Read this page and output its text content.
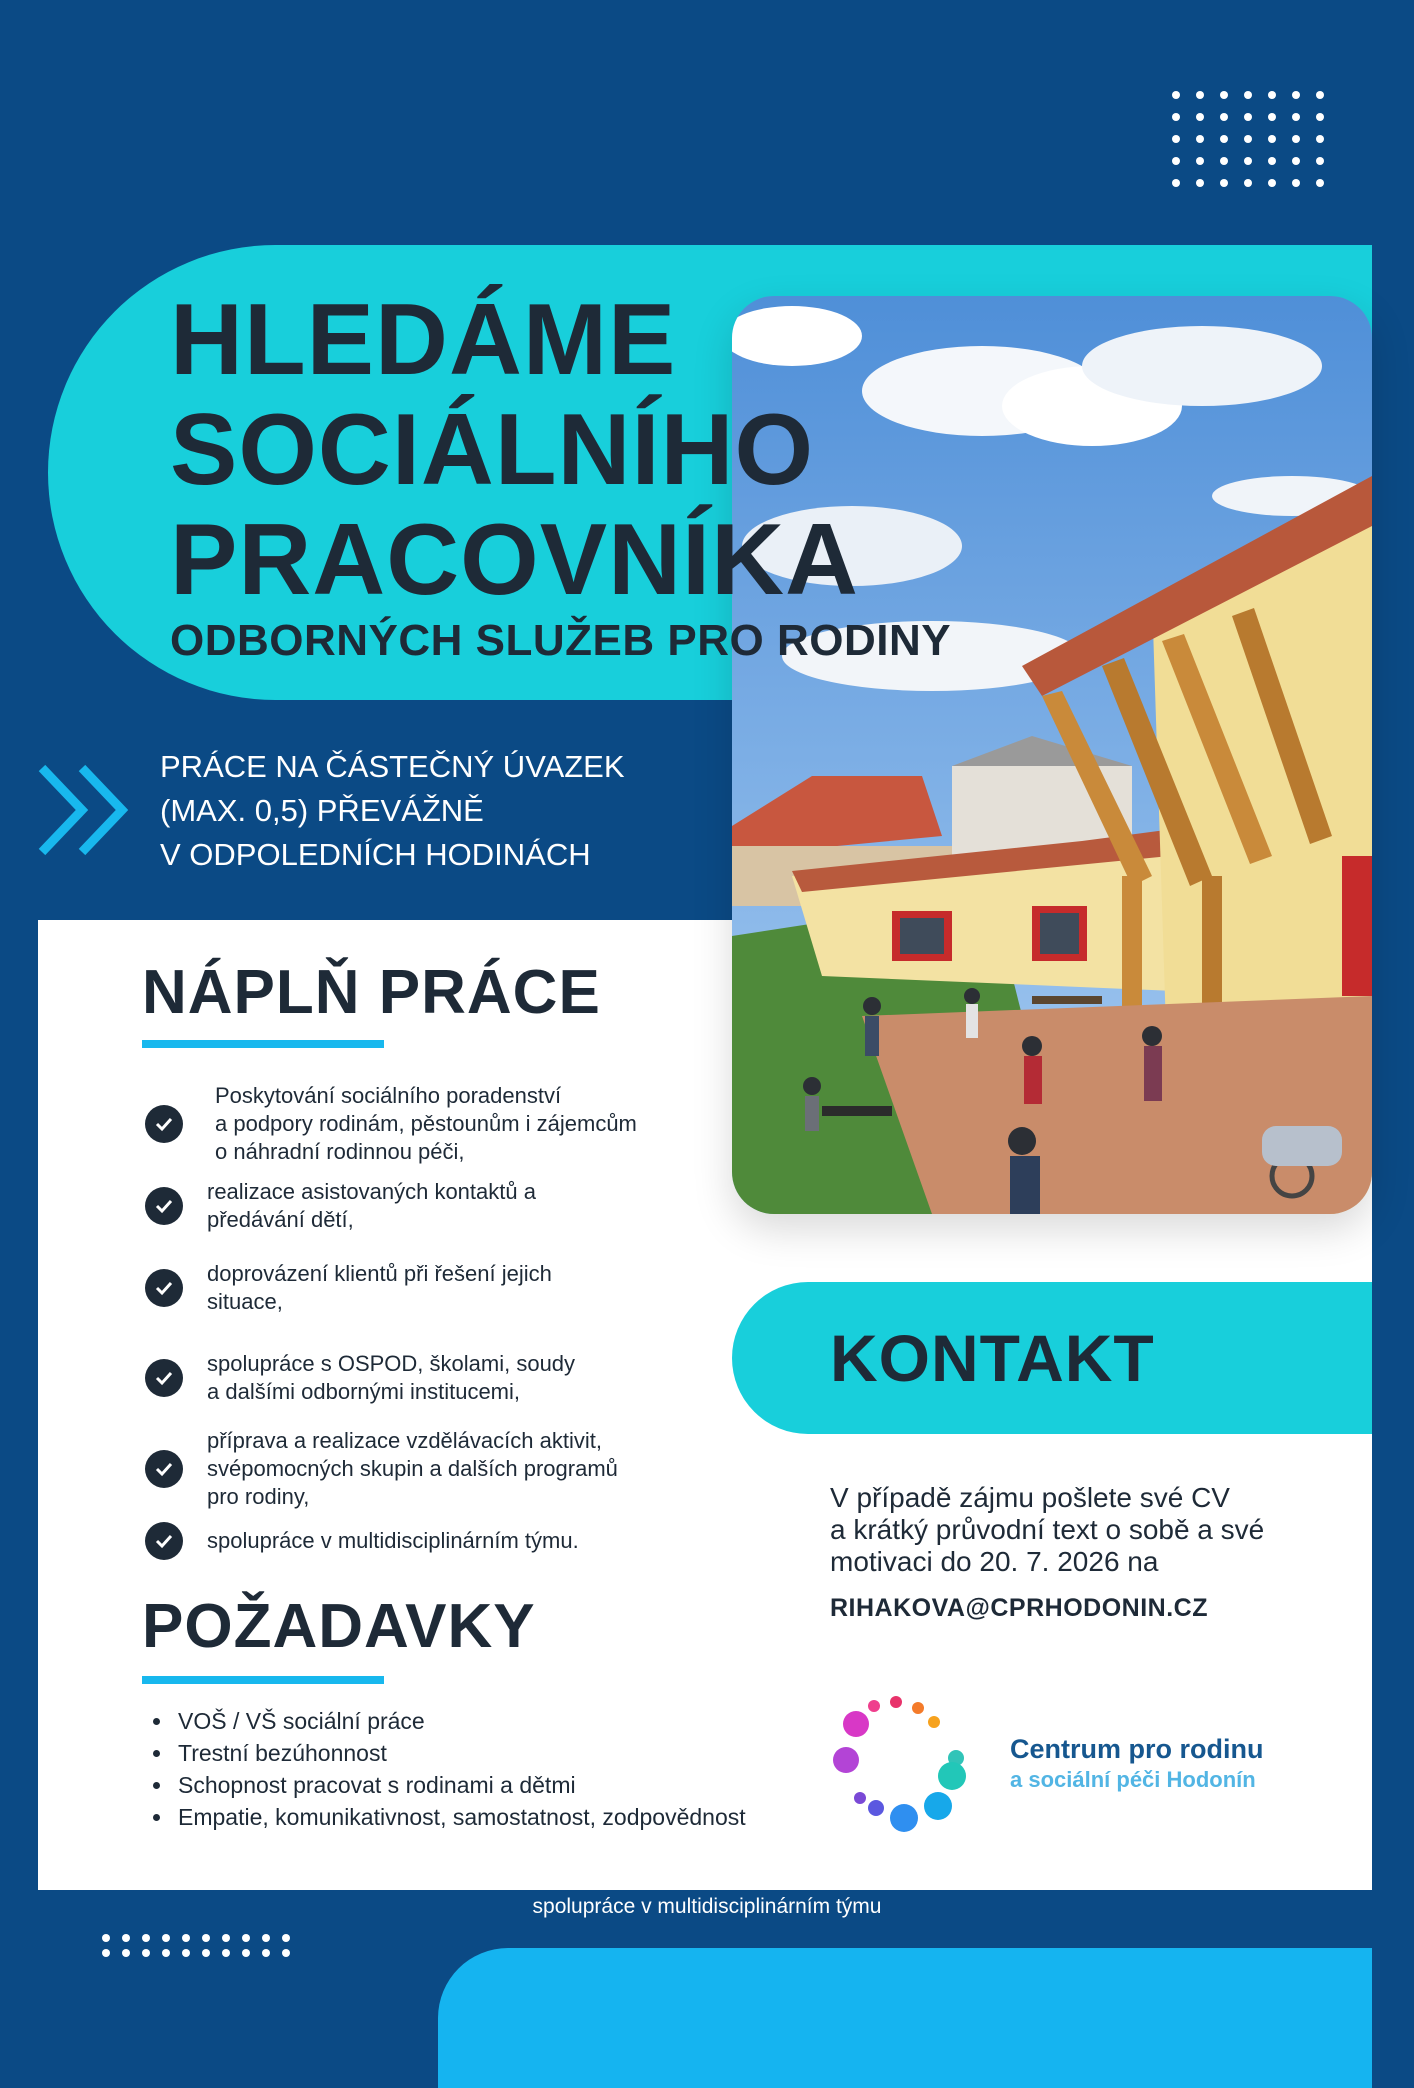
HLEDÁME
SOCIÁLNÍHO
PRACOVNÍKA
ODBORNÝCH SLUŽEB PRO RODINY
PRÁCE NA ČÁSTEČNÝ ÚVAZEK
(MAX. 0,5) PŘEVÁŽNĚ
V ODPOLEDNÍCH HODINÁCH
NÁPLŇ PRÁCE
Poskytování sociálního poradenství
a podpory rodinám, pěstounům i zájemcům
o náhradní rodinnou péči,
realizace asistovaných kontaktů a
předávání dětí,
doprovázení klientů při řešení jejich
situace,
spolupráce s OSPOD, školami, soudy
a dalšími odbornými institucemi,
příprava a realizace vzdělávacích aktivit,
svépomocných skupin a dalších programů
pro rodiny,
spolupráce v multidisciplinárním týmu.
POŽADAVKY
• VOŠ / VŠ sociální práce
• Trestní bezúhonnost
• Schopnost pracovat s rodinami a dětmi
• Empatie, komunikativnost, samostatnost, zodpovědnost
KONTAKT
V případě zájmu pošlete své CV
a krátký průvodní text o sobě a své
motivaci do 20. 7. 2026 na
RIHAKOVA@CPRHODONIN.CZ
Centrum pro rodinu
a sociální péči Hodonín
spolupráce v multidisciplinárním týmu
